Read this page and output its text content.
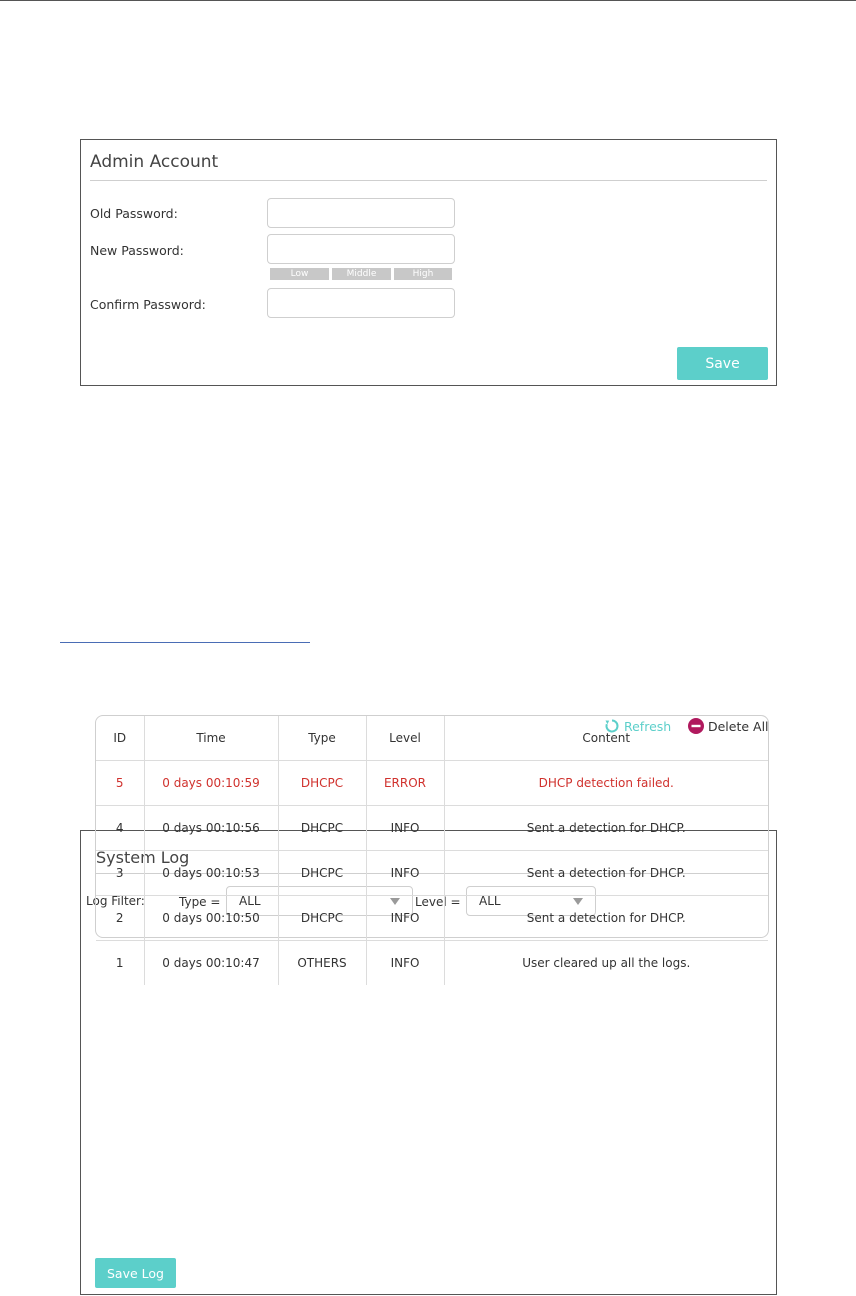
Admin Account
Old Password:
New Password:
Low	Middle	High
Confirm Password:
Save
System Log
Log Filter:	Type = ALL	Level = ALL
Refresh	Delete All
ID	Time	Type	Level	Content
5	0 days 00:10:59	DHCPC	ERROR	DHCP detection failed.
4	0 days 00:10:56	DHCPC	INFO	Sent a detection for DHCP.
3	0 days 00:10:53	DHCPC	INFO	Sent a detection for DHCP.
2	0 days 00:10:50	DHCPC	INFO	Sent a detection for DHCP.
1	0 days 00:10:47	OTHERS	INFO	User cleared up all the logs.
Save Log
